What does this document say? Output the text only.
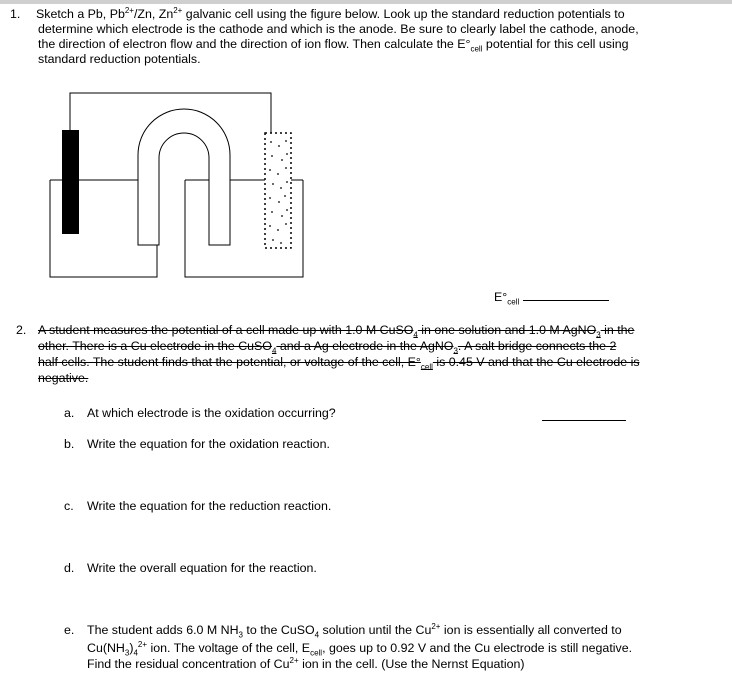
1. Sketch a Pb, $Pb^{2+}/Zn$, $Zn^{2+}$ galvanic cell using the figure below. Look up the standard reduction potentials to
determine which electrode is the cathode and which is the anode. Be sure to clearly label the cathode, anode,
the direction of electron flow and the direction of ion flow. Then calculate the $E^\circ_{cell}$ potential for this cell using
standard reduction potentials.
$E^\circ_{cell}$
2. A student measures the potential of a cell made up with 1.0 M CuSO$_4$ in one solution and 1.0 M AgNO$_3$ in the
other. There is a Cu electrode in the CuSO$_4$ and a Ag electrode in the AgNO$_3$. A salt bridge connects the 2
half cells. The student finds that the potential, or voltage of the cell, $E^\circ_{cell}$ is 0.45 V and that the Cu electrode is
negative.
a. At which electrode is the oxidation occurring?
b. Write the equation for the oxidation reaction.
c. Write the equation for the reduction reaction.
d. Write the overall equation for the reaction.
e. The student adds 6.0 M $NH_3$ to the CuSO$_4$ solution until the $Cu^{2+}$ ion is essentially all converted to
$Cu(NH_3)_4^{2+}$ ion. The voltage of the cell, $E_{cell}$, goes up to 0.92 V and the Cu electrode is still negative.
Find the residual concentration of $Cu^{2+}$ ion in the cell. (Use the Nernst Equation)
